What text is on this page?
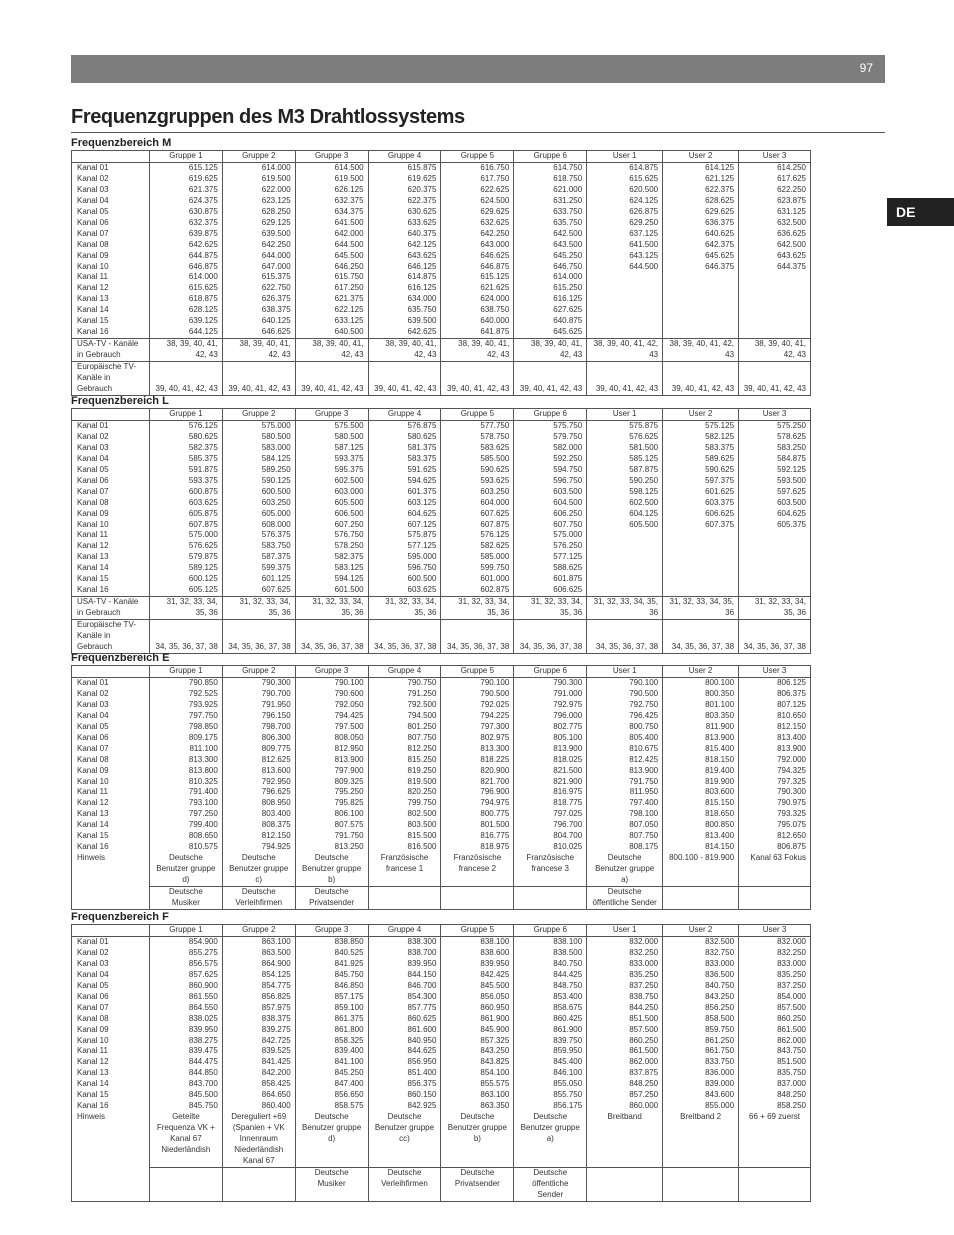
97
Frequenzgruppen des M3 Drahtlossystems
DE
Frequenzbereich M
	Gruppe 1	Gruppe 2	Gruppe 3	Gruppe 4	Gruppe 5	Gruppe 6	User 1	User 2	User 3
Kanal 01	615.125	614.000	614.500	615.875	616.750	614.750	614.875	614.125	614.250
Kanal 02	619.625	619.500	619.500	619.625	617.750	618.750	615.625	621.125	617.625
Kanal 03	621.375	622.000	626.125	620.375	622.625	621.000	620.500	622.375	622.250
Kanal 04	624.375	623.125	632.375	622.375	624.500	631.250	624.125	628.625	623.875
Kanal 05	630.875	628.250	634.375	630.625	629.625	633.750	626.875	629.625	631.125
Kanal 06	632.375	629.125	641.500	633.625	632.625	635.750	629.250	636.375	632.500
Kanal 07	639.875	639.500	642.000	640.375	642.250	642.500	637.125	640.625	636.625
Kanal 08	642.625	642.250	644.500	642.125	643.000	643.500	641.500	642.375	642.500
Kanal 09	644.875	644.000	645.500	643.625	646.625	645.250	643.125	645.625	643.625
Kanal 10	646.875	647.000	646.250	646.125	646.875	646.750	644.500	646.375	644.375
Kanal 11	614.000	615.375	615.750	614.875	615.125	614.000			
Kanal 12	615.625	622.750	617.250	616.125	621.625	615.250			
Kanal 13	618.875	626.375	621.375	634.000	624.000	616.125			
Kanal 14	628.125	638.375	622.125	635.750	638.750	627.625			
Kanal 15	639.125	640.125	633.125	639.500	640.000	640.875			
Kanal 16	644.125	646.625	640.500	642.625	641.875	645.625			
USA-TV - Kanäle in Gebrauch	38, 39, 40, 41, 42, 43	38, 39, 40, 41, 42, 43	38, 39, 40, 41, 42, 43	38, 39, 40, 41, 42, 43	38, 39, 40, 41, 42, 43	38, 39, 40, 41, 42, 43	38, 39, 40, 41, 42, 43	38, 39, 40, 41, 42, 43	38, 39, 40, 41, 42, 43
Europäische TV-Kanäle in Gebrauch	39, 40, 41, 42, 43	39, 40, 41, 42, 43	39, 40, 41, 42, 43	39, 40, 41, 42, 43	39, 40, 41, 42, 43	39, 40, 41, 42, 43	39, 40, 41, 42, 43	39, 40, 41, 42, 43	39, 40, 41, 42, 43
Frequenzbereich L
	Gruppe 1	Gruppe 2	Gruppe 3	Gruppe 4	Gruppe 5	Gruppe 6	User 1	User 2	User 3
Kanal 01	576.125	575.000	575.500	576.875	577.750	575.750	575.875	575.125	575.250
Kanal 02	580.625	580.500	580.500	580.625	578.750	579.750	576.625	582.125	578.625
Kanal 03	582.375	583.000	587.125	581.375	583.625	582.000	581.500	583.375	583.250
Kanal 04	585.375	584.125	593.375	583.375	585.500	592.250	585.125	589.625	584.875
Kanal 05	591.875	589.250	595.375	591.625	590.625	594.750	587.875	590.625	592.125
Kanal 06	593.375	590.125	602.500	594.625	593.625	596.750	590.250	597.375	593.500
Kanal 07	600.875	600.500	603.000	601.375	603.250	603.500	598.125	601.625	597.625
Kanal 08	603.625	603.250	605.500	603.125	604.000	604.500	602.500	603.375	603.500
Kanal 09	605.875	605.000	606.500	604.625	607.625	606.250	604.125	606.625	604.625
Kanal 10	607.875	608.000	607.250	607.125	607.875	607.750	605.500	607.375	605.375
Kanal 11	575.000	576.375	576.750	575.875	576.125	575.000			
Kanal 12	576.625	583.750	578.250	577.125	582.625	576.250			
Kanal 13	579.875	587.375	582.375	595.000	585.000	577.125			
Kanal 14	589.125	599.375	583.125	596.750	599.750	588.625			
Kanal 15	600.125	601.125	594.125	600.500	601.000	601.875			
Kanal 16	605.125	607.625	601.500	603.625	602.875	606.625			
USA-TV - Kanäle in Gebrauch	31, 32, 33, 34, 35, 36	31, 32, 33, 34, 35, 36	31, 32, 33, 34, 35, 36	31, 32, 33, 34, 35, 36	31, 32, 33, 34, 35, 36	31, 32, 33, 34, 35, 36	31, 32, 33, 34, 35, 36	31, 32, 33, 34, 35, 36	31, 32, 33, 34, 35, 36
Europäische TV-Kanäle in Gebrauch	34, 35, 36, 37, 38	34, 35, 36, 37, 38	34, 35, 36, 37, 38	34, 35, 36, 37, 38	34, 35, 36, 37, 38	34, 35, 36, 37, 38	34, 35, 36, 37, 38	34, 35, 36, 37, 38	34, 35, 36, 37, 38
Frequenzbereich E
	Gruppe 1	Gruppe 2	Gruppe 3	Gruppe 4	Gruppe 5	Gruppe 6	User 1	User 2	User 3
Kanal 01	790.850	790.300	790.100	790.750	790.100	790.300	790.100	800.100	806.125
Kanal 02	792.525	790.700	790.600	791.250	790.500	791.000	790.500	800.350	806.375
Kanal 03	793.925	791.950	792.050	792.500	792.025	792.975	792.750	801.100	807.125
Kanal 04	797.750	796.150	794.425	794.500	794.225	796.000	796.425	803.350	810.650
Kanal 05	798.850	798.700	797.500	801.250	797.300	802.775	800.750	811.900	812.150
Kanal 06	809.175	806.300	808.050	807.750	802.975	805.100	805.400	813.900	813.400
Kanal 07	811.100	809.775	812.950	812.250	813.300	813.900	810.675	815.400	813.900
Kanal 08	813.300	812.625	813.900	815.250	818.225	818.025	812.425	818.150	792.000
Kanal 09	813.800	813.600	797.900	819.250	820.900	821.500	813.900	819.400	794.325
Kanal 10	810.325	792.950	809.325	819.500	821.700	821.900	791.750	819.900	797.325
Kanal 11	791.400	796.625	795.250	820.250	796.900	816.975	811.950	803.600	790.300
Kanal 12	793.100	808.950	795.825	799.750	794.975	818.775	797.400	815.150	790.975
Kanal 13	797.250	803.400	806.100	802.500	800.775	797.025	798.100	818.650	793.325
Kanal 14	799.400	808.375	807.575	803.500	801.500	796.700	807.050	800.850	795.075
Kanal 15	808.650	812.150	791.750	815.500	816.775	804.700	807.750	813.400	812.650
Kanal 16	810.575	794.925	813.250	816.500	818.975	810.025	808.175	814.150	806.875
Hinweis	Deutsche Benutzer gruppe d)	Deutsche Benutzer gruppe c)	Deutsche Benutzer gruppe b)	Französische francese 1	Französische francese 2	Französische francese 3	Deutsche Benutzer gruppe a)	800.100 - 819.900	Kanal 63 Fokus
	Deutsche Musiker	Deutsche Verleihfirmen	Deutsche Privatsender				Deutsche öffentliche Sender		
Frequenzbereich F
	Gruppe 1	Gruppe 2	Gruppe 3	Gruppe 4	Gruppe 5	Gruppe 6	User 1	User 2	User 3
Kanal 01	854.900	863.100	838.850	838.300	838.100	838.100	832.000	832.500	832.000
Kanal 02	855.275	863.500	840.525	838.700	838.600	838.500	832.250	832.750	832.250
Kanal 03	856.575	864.900	841.925	839.950	839.950	840.750	833.000	833.000	833.000
Kanal 04	857.625	854.125	845.750	844.150	842.425	844.425	835.250	836.500	835.250
Kanal 05	860.900	854.775	846.850	846.700	845.500	848.750	837.250	840.750	837.250
Kanal 06	861.550	856.825	857.175	854.300	856.050	853.400	838.750	843.250	854.000
Kanal 07	864.550	857.975	859.100	857.775	860.950	858.675	844.250	856.250	857.500
Kanal 08	838.025	838.375	861.375	860.625	861.900	860.425	851.500	858.500	860.250
Kanal 09	839.950	839.275	861.800	861.600	845.900	861.900	857.500	859.750	861.500
Kanal 10	838.275	842.725	858.325	840.950	857.325	839.750	860.250	861.250	862.000
Kanal 11	839.475	839.525	839.400	844.625	843.250	859.950	861.500	861.750	843.750
Kanal 12	844.475	841.425	841.100	856.950	843.825	845.400	862.000	833.750	851.500
Kanal 13	844.850	842.200	845.250	851.400	854.100	846.100	837.875	836.000	835.750
Kanal 14	843.700	858.425	847.400	856.375	855.575	855.050	848.250	839.000	837.000
Kanal 15	845.500	864.650	856.650	860.150	863.100	855.750	857.250	843.600	848.250
Kanal 16	845.750	860.400	858.575	842.925	863.350	856.175	860.000	855.000	858.250
Hinweis	Geteilte Frequenza VK + Kanal 67 Niederländish	Dereguliert +69 (Spanien + VK Innenraum Niederländish Kanal 67	Deutsche Benutzer gruppe d)	Deutsche Benutzer gruppe cc)	Deutsche Benutzer gruppe b)	Deutsche Benutzer gruppe a)	Breitband	Breitband 2	66 + 69 zuerst
			Deutsche Musiker	Deutsche Verleihfirmen	Deutsche Privatsender	Deutsche öffentliche Sender			
